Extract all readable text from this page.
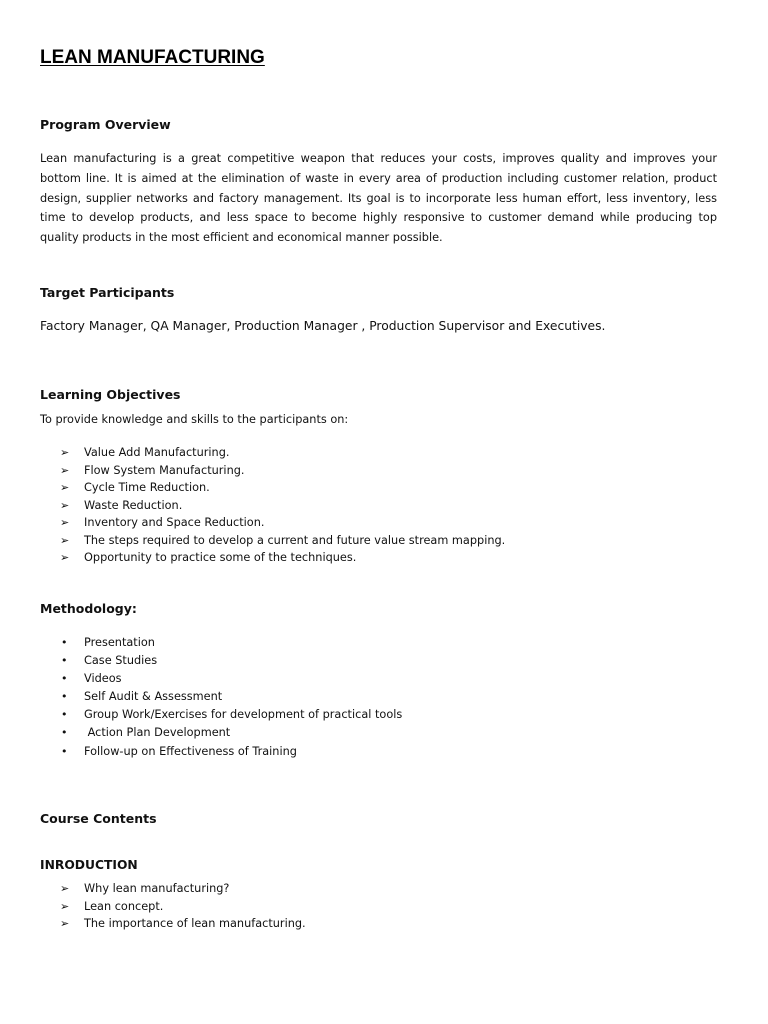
LEAN MANUFACTURING
Program Overview

Lean manufacturing is a great competitive weapon that reduces your costs, improves quality and improves your bottom line. It is aimed at the elimination of waste in every area of production including customer relation, product design, supplier networks and factory management. Its goal is to incorporate less human effort, less inventory, less time to develop products, and less space to become highly responsive to customer demand while producing top quality products in the most efficient and economical manner possible.

Target Participants

Factory Manager, QA Manager, Production Manager , Production Supervisor and Executives.

Learning Objectives

To provide knowledge and skills to the participants on:

➢	Value Add Manufacturing.
➢	Flow System Manufacturing.
➢	Cycle Time Reduction.
➢	Waste Reduction.
➢	Inventory and Space Reduction.
➢	The steps required to develop a current and future value stream mapping.
➢	Opportunity to practice some of the techniques.
Methodology:
•	Presentation
•	Case Studies
•	Videos
•	Self Audit & Assessment
•	Group Work/Exercises for development of practical tools
•	Action Plan Development
•	Follow-up on Effectiveness of Training
Course Contents
INRODUCTION
➢	Why lean manufacturing?
➢	Lean concept.
➢	The importance of lean manufacturing.
